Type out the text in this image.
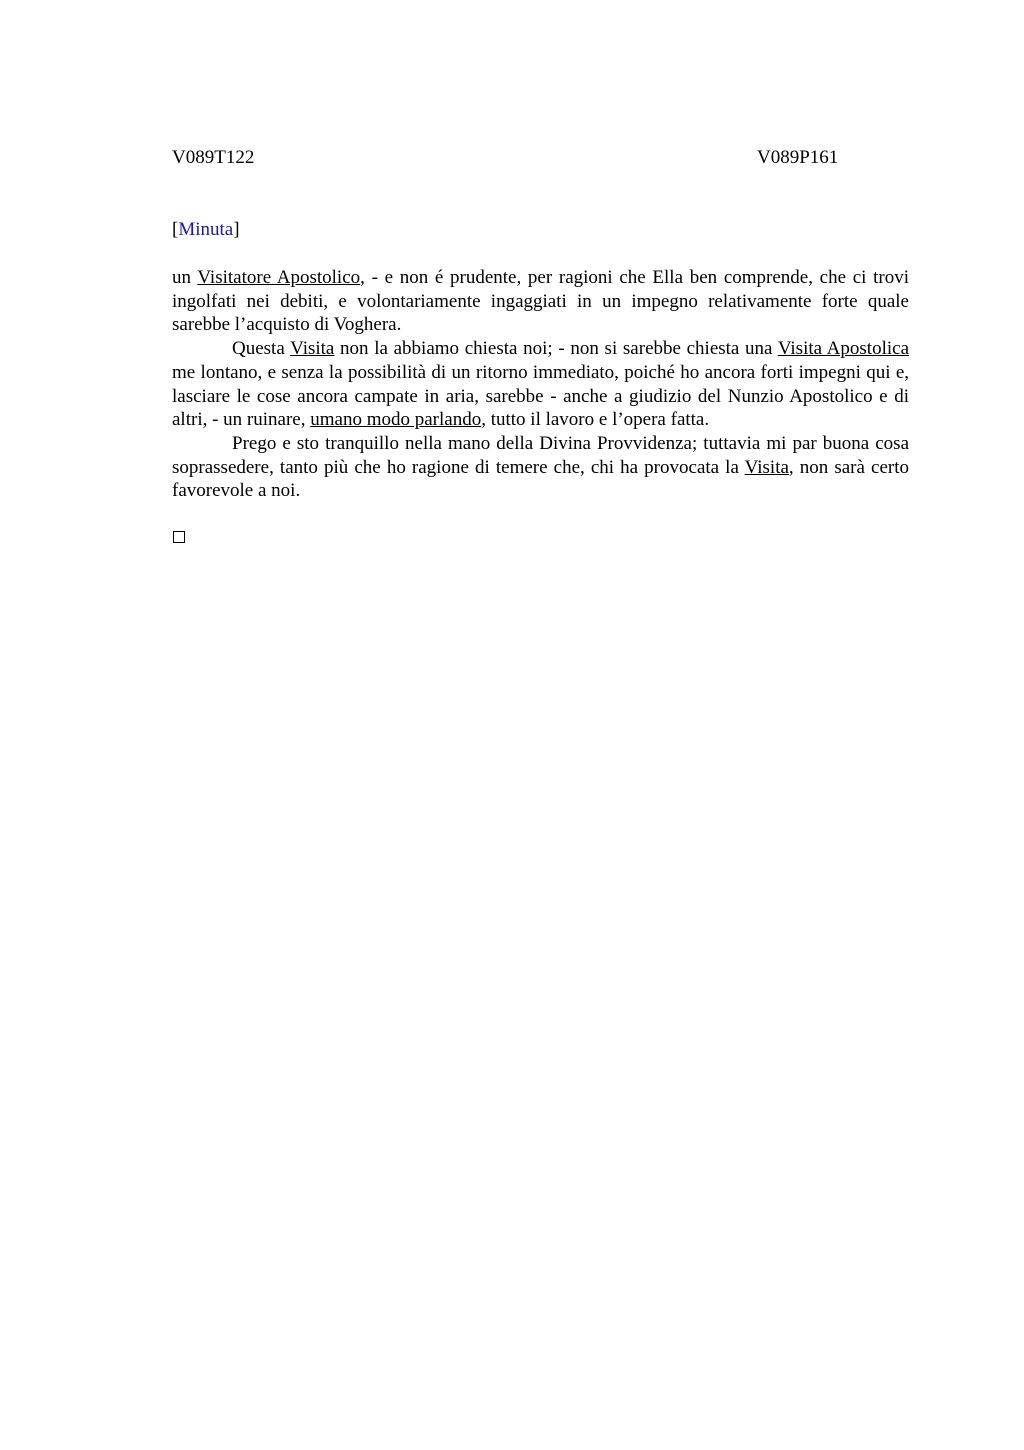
V089T122	V089P161
[Minuta]

un Visitatore Apostolico, - e non é prudente, per ragioni che Ella ben comprende, che ci trovi ingolfati nei debiti, e volontariamente ingaggiati in un impegno relativamente forte quale sarebbe l’acquisto di Voghera.

Questa Visita non la abbiamo chiesta noi; - non si sarebbe chiesta una Visita Apostolica me lontano, e senza la possibilità di un ritorno immediato, poiché ho ancora forti impegni qui e, lasciare le cose ancora campate in aria, sarebbe - anche a giudizio del Nunzio Apostolico e di altri, - un ruinare, umano modo parlando, tutto il lavoro e l’opera fatta.

Prego e sto tranquillo nella mano della Divina Provvidenza; tuttavia mi par buona cosa soprassedere, tanto più che ho ragione di temere che, chi ha provocata la Visita, non sarà certo favorevole a noi.
